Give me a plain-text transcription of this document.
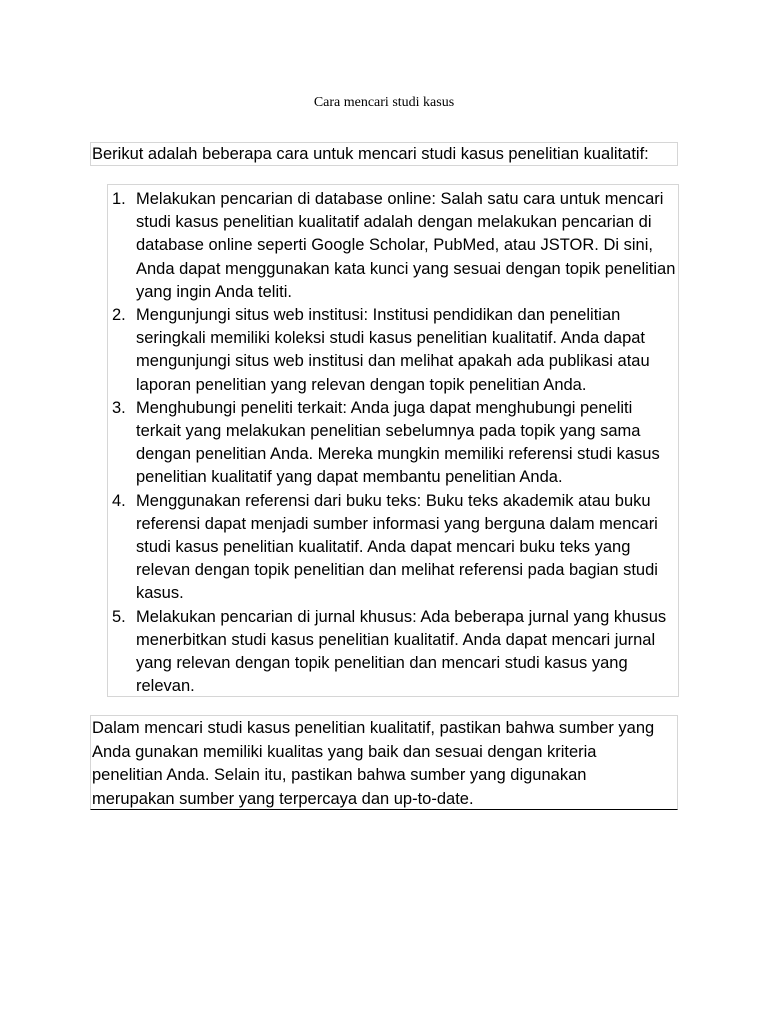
Cara mencari studi kasus
Berikut adalah beberapa cara untuk mencari studi kasus penelitian kualitatif:
1. Melakukan pencarian di database online: Salah satu cara untuk mencari studi kasus penelitian kualitatif adalah dengan melakukan pencarian di database online seperti Google Scholar, PubMed, atau JSTOR. Di sini, Anda dapat menggunakan kata kunci yang sesuai dengan topik penelitian yang ingin Anda teliti.
2. Mengunjungi situs web institusi: Institusi pendidikan dan penelitian seringkali memiliki koleksi studi kasus penelitian kualitatif. Anda dapat mengunjungi situs web institusi dan melihat apakah ada publikasi atau laporan penelitian yang relevan dengan topik penelitian Anda.
3. Menghubungi peneliti terkait: Anda juga dapat menghubungi peneliti terkait yang melakukan penelitian sebelumnya pada topik yang sama dengan penelitian Anda. Mereka mungkin memiliki referensi studi kasus penelitian kualitatif yang dapat membantu penelitian Anda.
4. Menggunakan referensi dari buku teks: Buku teks akademik atau buku referensi dapat menjadi sumber informasi yang berguna dalam mencari studi kasus penelitian kualitatif. Anda dapat mencari buku teks yang relevan dengan topik penelitian dan melihat referensi pada bagian studi kasus.
5. Melakukan pencarian di jurnal khusus: Ada beberapa jurnal yang khusus menerbitkan studi kasus penelitian kualitatif. Anda dapat mencari jurnal yang relevan dengan topik penelitian dan mencari studi kasus yang relevan.
Dalam mencari studi kasus penelitian kualitatif, pastikan bahwa sumber yang Anda gunakan memiliki kualitas yang baik dan sesuai dengan kriteria penelitian Anda. Selain itu, pastikan bahwa sumber yang digunakan merupakan sumber yang terpercaya dan up-to-date.
